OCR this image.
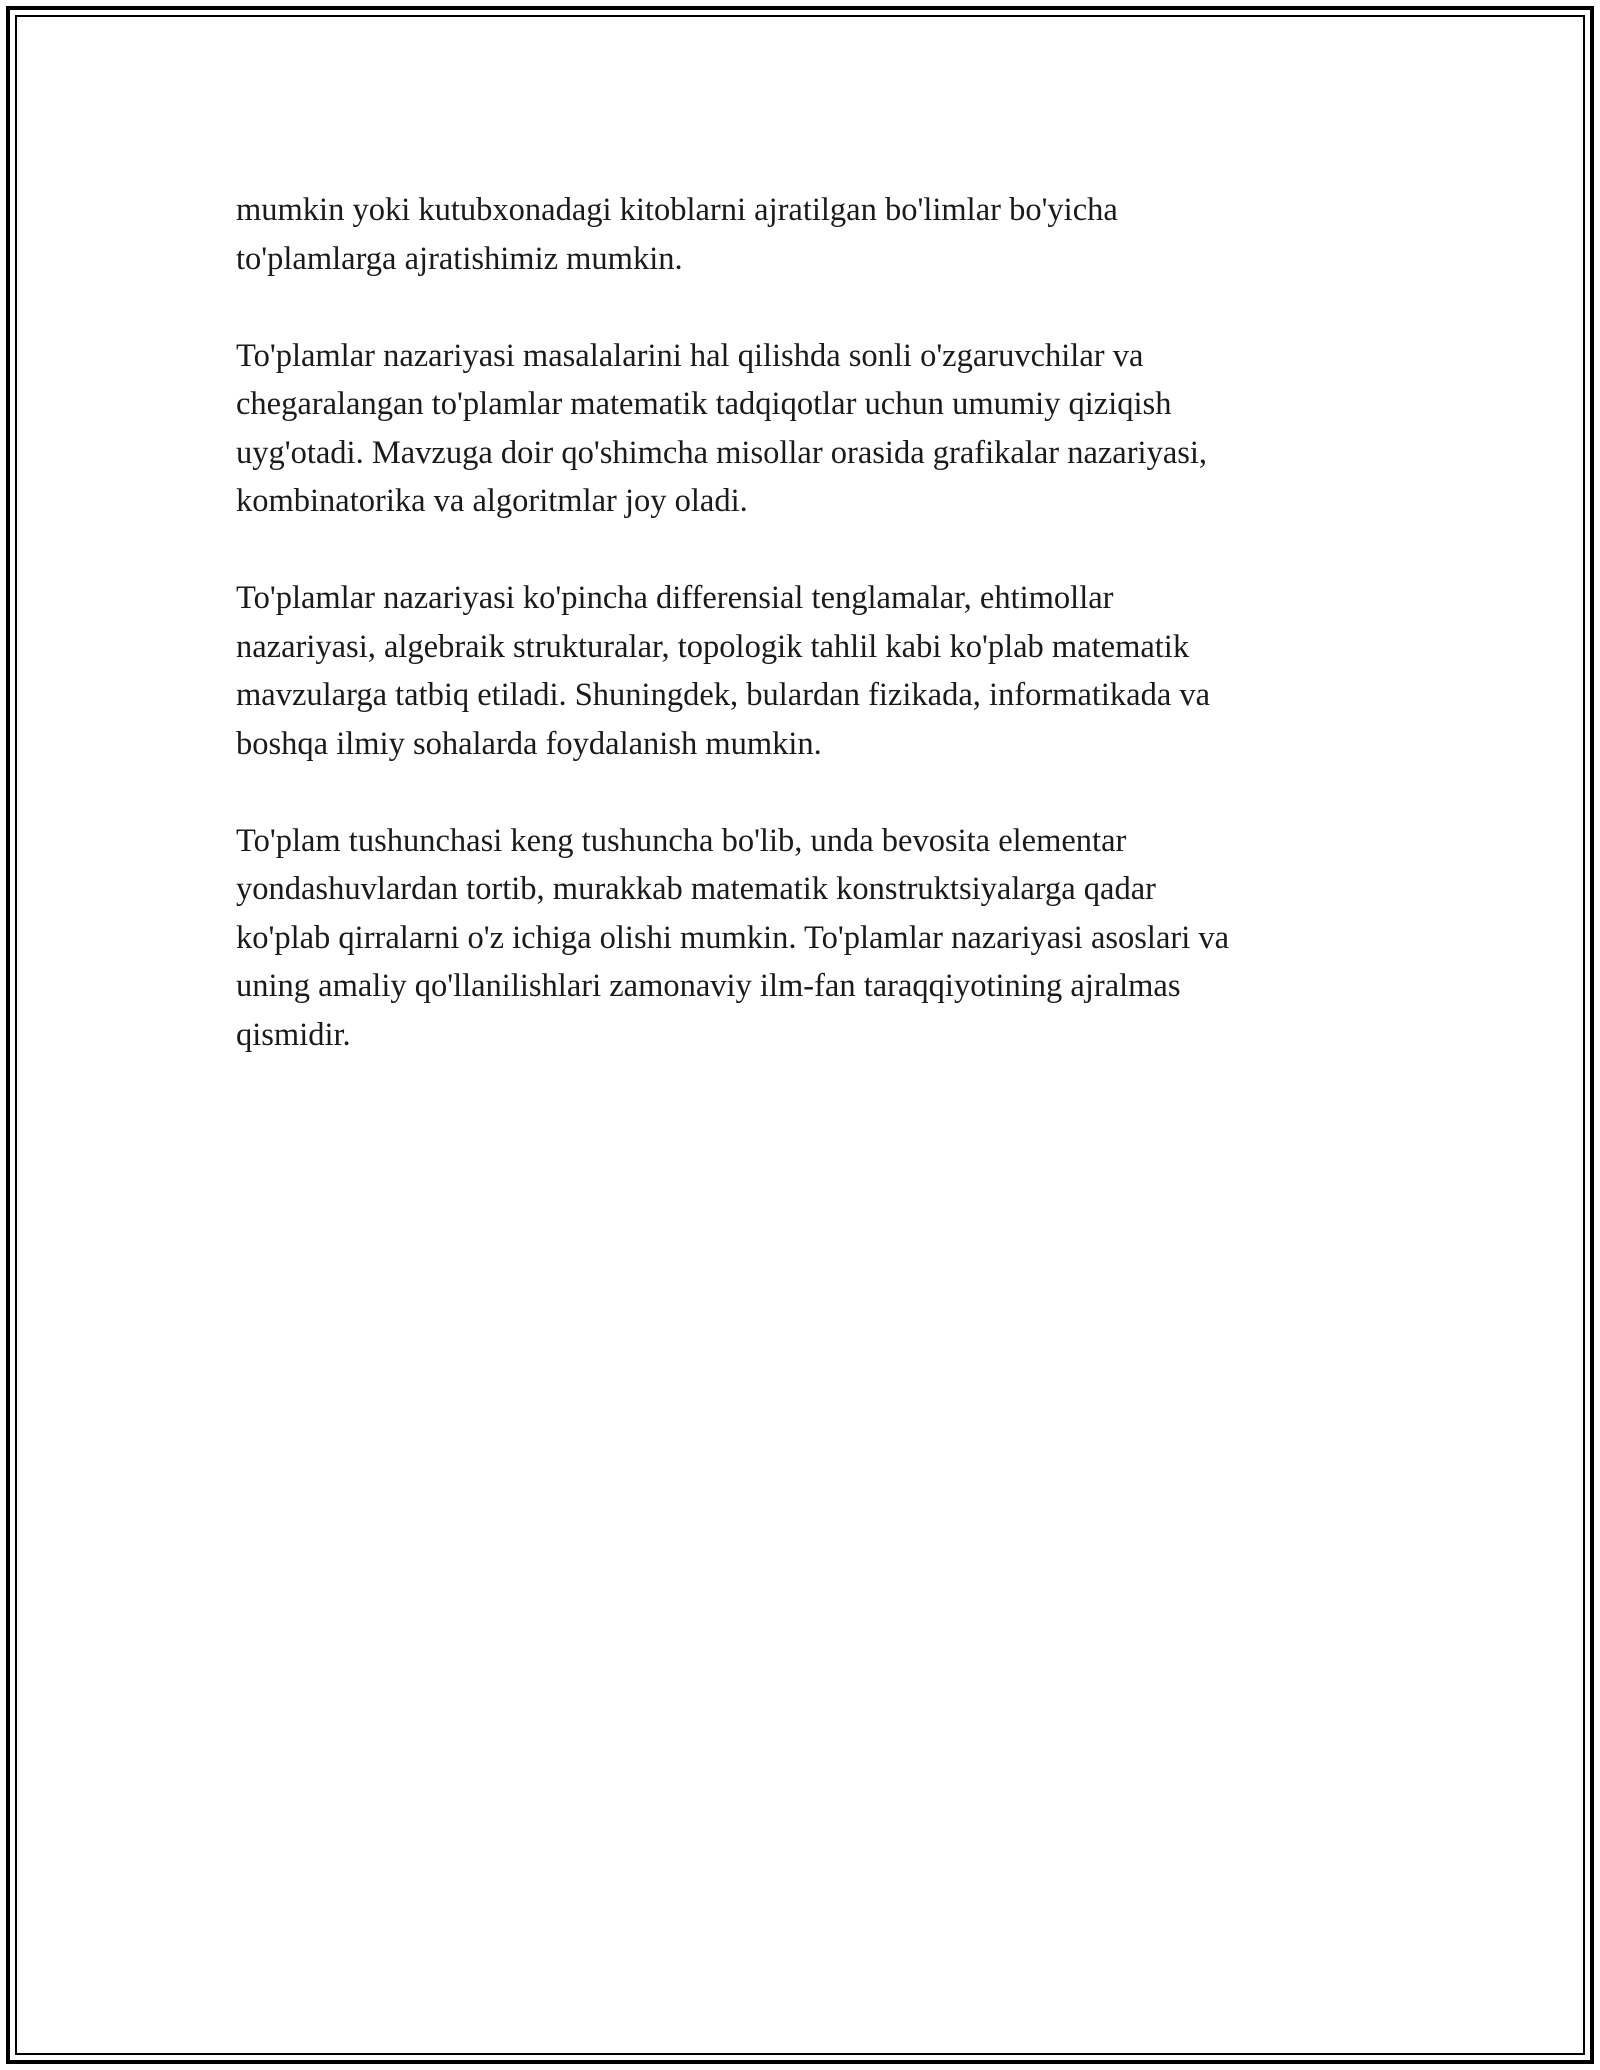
mumkin yoki kutubxonadagi kitoblarni ajratilgan bo'limlar bo'yicha
to'plamlarga ajratishimiz mumkin.

To'plamlar nazariyasi masalalarini hal qilishda sonli o'zgaruvchilar va
chegaralangan to'plamlar matematik tadqiqotlar uchun umumiy qiziqish
uyg'otadi. Mavzuga doir qo'shimcha misollar orasida grafikalar nazariyasi,
kombinatorika va algoritmlar joy oladi.

To'plamlar nazariyasi ko'pincha differensial tenglamalar, ehtimollar
nazariyasi, algebraik strukturalar, topologik tahlil kabi ko'plab matematik
mavzularga tatbiq etiladi. Shuningdek, bulardan fizikada, informatikada va
boshqa ilmiy sohalarda foydalanish mumkin.

To'plam tushunchasi keng tushuncha bo'lib, unda bevosita elementar
yondashuvlardan tortib, murakkab matematik konstruktsiyalarga qadar
ko'plab qirralarni o'z ichiga olishi mumkin. To'plamlar nazariyasi asoslari va
uning amaliy qo'llanilishlari zamonaviy ilm-fan taraqqiyotining ajralmas
qismidir.
